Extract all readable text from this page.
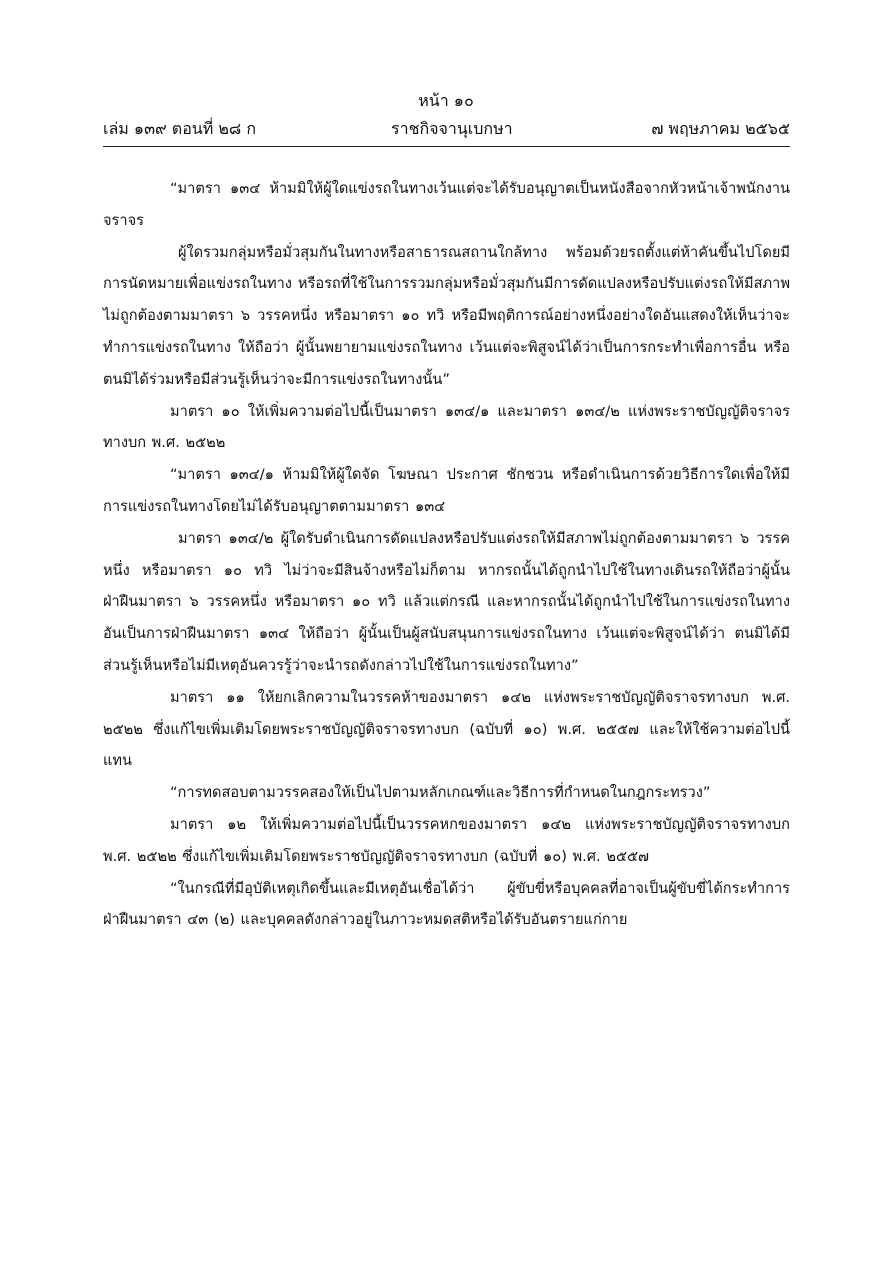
หน้า ๑๐
เล่ม ๑๓๙ ตอนที่ ๒๘ ก	ราชกิจจานุเบกษา	๗ พฤษภาคม ๒๕๖๕

“มาตรา ๑๓๔ ห้ามมิให้ผู้ใดแข่งรถในทางเว้นแต่จะได้รับอนุญาตเป็นหนังสือจากหัวหน้าเจ้าพนักงานจราจร

ผู้ใดรวมกลุ่มหรือมั่วสุมกันในทางหรือสาธารณสถานใกล้ทาง พร้อมด้วยรถตั้งแต่ห้าคันขึ้นไปโดยมีการนัดหมายเพื่อแข่งรถในทาง หรือรถที่ใช้ในการรวมกลุ่มหรือมั่วสุมกันมีการดัดแปลงหรือปรับแต่งรถให้มีสภาพไม่ถูกต้องตามมาตรา ๖ วรรคหนึ่ง หรือมาตรา ๑๐ ทวิ หรือมีพฤติการณ์อย่างหนึ่งอย่างใดอันแสดงให้เห็นว่าจะทำการแข่งรถในทาง ให้ถือว่า ผู้นั้นพยายามแข่งรถในทาง เว้นแต่จะพิสูจน์ได้ว่าเป็นการกระทำเพื่อการอื่น หรือตนมิได้ร่วมหรือมีส่วนรู้เห็นว่าจะมีการแข่งรถในทางนั้น”

มาตรา ๑๐ ให้เพิ่มความต่อไปนี้เป็นมาตรา ๑๓๔/๑ และมาตรา ๑๓๔/๒ แห่งพระราชบัญญัติจราจรทางบก พ.ศ. ๒๕๒๒

“มาตรา ๑๓๔/๑ ห้ามมิให้ผู้ใดจัด โฆษณา ประกาศ ชักชวน หรือดำเนินการด้วยวิธีการใดเพื่อให้มีการแข่งรถในทางโดยไม่ได้รับอนุญาตตามมาตรา ๑๓๔

มาตรา ๑๓๔/๒ ผู้ใดรับดำเนินการดัดแปลงหรือปรับแต่งรถให้มีสภาพไม่ถูกต้องตามมาตรา ๖ วรรคหนึ่ง หรือมาตรา ๑๐ ทวิ ไม่ว่าจะมีสินจ้างหรือไม่ก็ตาม หากรถนั้นได้ถูกนำไปใช้ในทางเดินรถให้ถือว่าผู้นั้นฝ่าฝืนมาตรา ๖ วรรคหนึ่ง หรือมาตรา ๑๐ ทวิ แล้วแต่กรณี และหากรถนั้นได้ถูกนำไปใช้ในการแข่งรถในทางอันเป็นการฝ่าฝืนมาตรา ๑๓๔ ให้ถือว่า ผู้นั้นเป็นผู้สนับสนุนการแข่งรถในทาง เว้นแต่จะพิสูจน์ได้ว่า ตนมิได้มีส่วนรู้เห็นหรือไม่มีเหตุอันควรรู้ว่าจะนำรถดังกล่าวไปใช้ในการแข่งรถในทาง”

มาตรา ๑๑ ให้ยกเลิกความในวรรคห้าของมาตรา ๑๔๒ แห่งพระราชบัญญัติจราจรทางบก พ.ศ. ๒๕๒๒ ซึ่งแก้ไขเพิ่มเติมโดยพระราชบัญญัติจราจรทางบก (ฉบับที่ ๑๐) พ.ศ. ๒๕๕๗ และให้ใช้ความต่อไปนี้แทน

“การทดสอบตามวรรคสองให้เป็นไปตามหลักเกณฑ์และวิธีการที่กำหนดในกฎกระทรวง”

มาตรา ๑๒ ให้เพิ่มความต่อไปนี้เป็นวรรคหกของมาตรา ๑๔๒ แห่งพระราชบัญญัติจราจรทางบก พ.ศ. ๒๕๒๒ ซึ่งแก้ไขเพิ่มเติมโดยพระราชบัญญัติจราจรทางบก (ฉบับที่ ๑๐) พ.ศ. ๒๕๕๗

“ในกรณีที่มีอุบัติเหตุเกิดขึ้นและมีเหตุอันเชื่อได้ว่า ผู้ขับขี่หรือบุคคลที่อาจเป็นผู้ขับขี่ได้กระทำการฝ่าฝืนมาตรา ๔๓ (๒) และบุคคลดังกล่าวอยู่ในภาวะหมดสติหรือได้รับอันตรายแก่กาย
